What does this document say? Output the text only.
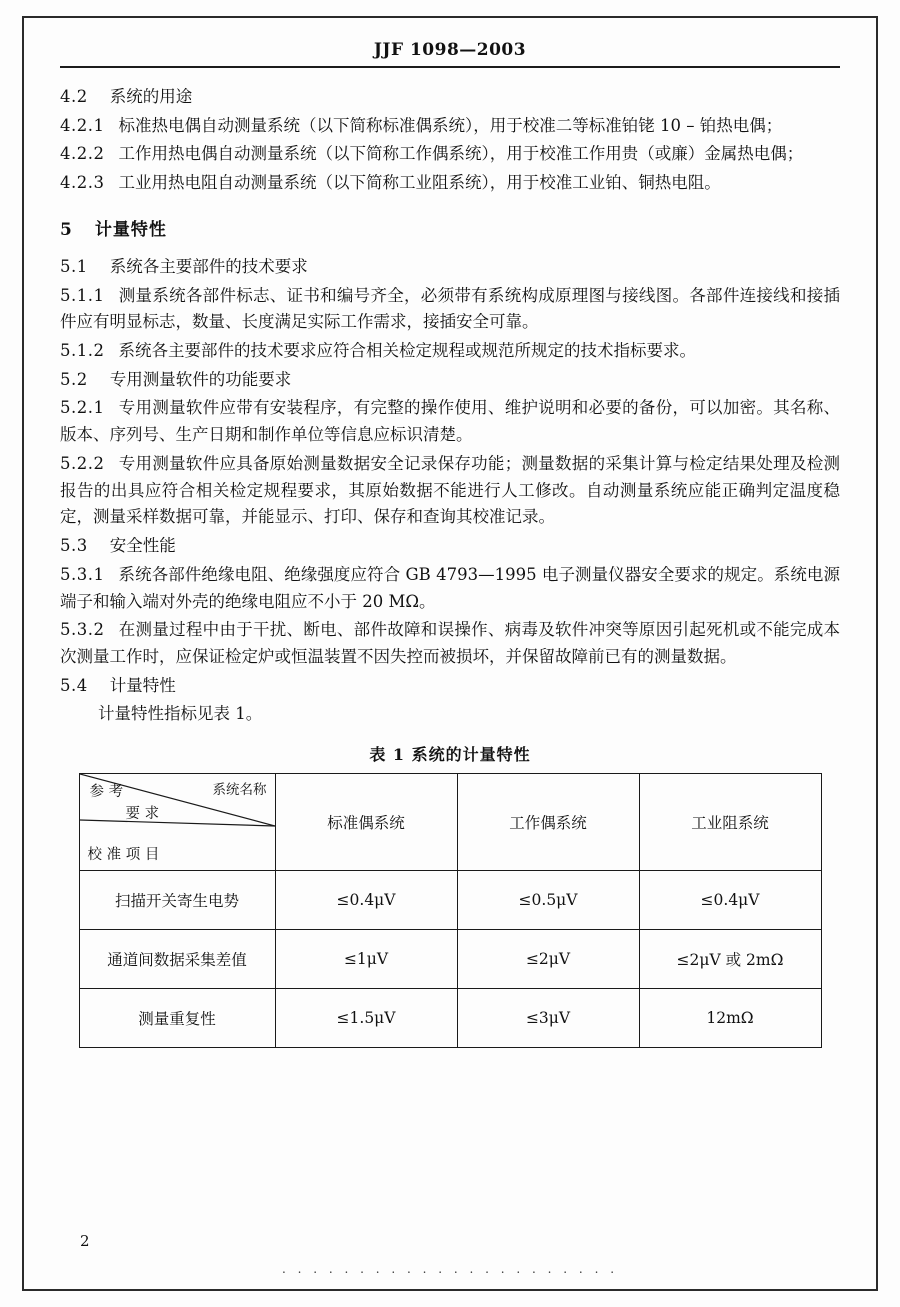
JJF 1098—2003

4.2 系统的用途

4.2.1 标准热电偶自动测量系统（以下简称标准偶系统），用于校准二等标准铂铑 10 – 铂热电偶；

4.2.2 工作用热电偶自动测量系统（以下简称工作偶系统），用于校准工作用贵（或廉）金属热电偶；

4.2.3 工业用热电阻自动测量系统（以下简称工业阻系统），用于校准工业铂、铜热电阻。

5 计量特性

5.1 系统各主要部件的技术要求

5.1.1 测量系统各部件标志、证书和编号齐全，必须带有系统构成原理图与接线图。各部件连接线和接插件应有明显标志，数量、长度满足实际工作需求，接插安全可靠。

5.1.2 系统各主要部件的技术要求应符合相关检定规程或规范所规定的技术指标要求。

5.2 专用测量软件的功能要求

5.2.1 专用测量软件应带有安装程序，有完整的操作使用、维护说明和必要的备份，可以加密。其名称、版本、序列号、生产日期和制作单位等信息应标识清楚。

5.2.2 专用测量软件应具备原始测量数据安全记录保存功能；测量数据的采集计算与检定结果处理及检测报告的出具应符合相关检定规程要求，其原始数据不能进行人工修改。自动测量系统应能正确判定温度稳定，测量采样数据可靠，并能显示、打印、保存和查询其校准记录。

5.3 安全性能

5.3.1 系统各部件绝缘电阻、绝缘强度应符合 GB 4793—1995 电子测量仪器安全要求的规定。系统电源端子和输入端对外壳的绝缘电阻应不小于 20 MΩ。

5.3.2 在测量过程中由于干扰、断电、部件故障和误操作、病毒及软件冲突等原因引起死机或不能完成本次测量工作时，应保证检定炉或恒温装置不因失控而被损坏，并保留故障前已有的测量数据。

5.4 计量特性

计量特性指标见表 1。

表 1 系统的计量特性
参 考
要 求
系统名称
校 准 项 目	标准偶系统	工作偶系统	工业阻系统
扫描开关寄生电势	≤0.4μV	≤0.5μV	≤0.4μV
通道间数据采集差值	≤1μV	≤2μV	≤2μV 或 2mΩ
测量重复性	≤1.5μV	≤3μV	12mΩ
2
. . . . . . . . . . . . . . . . . . . . . .
